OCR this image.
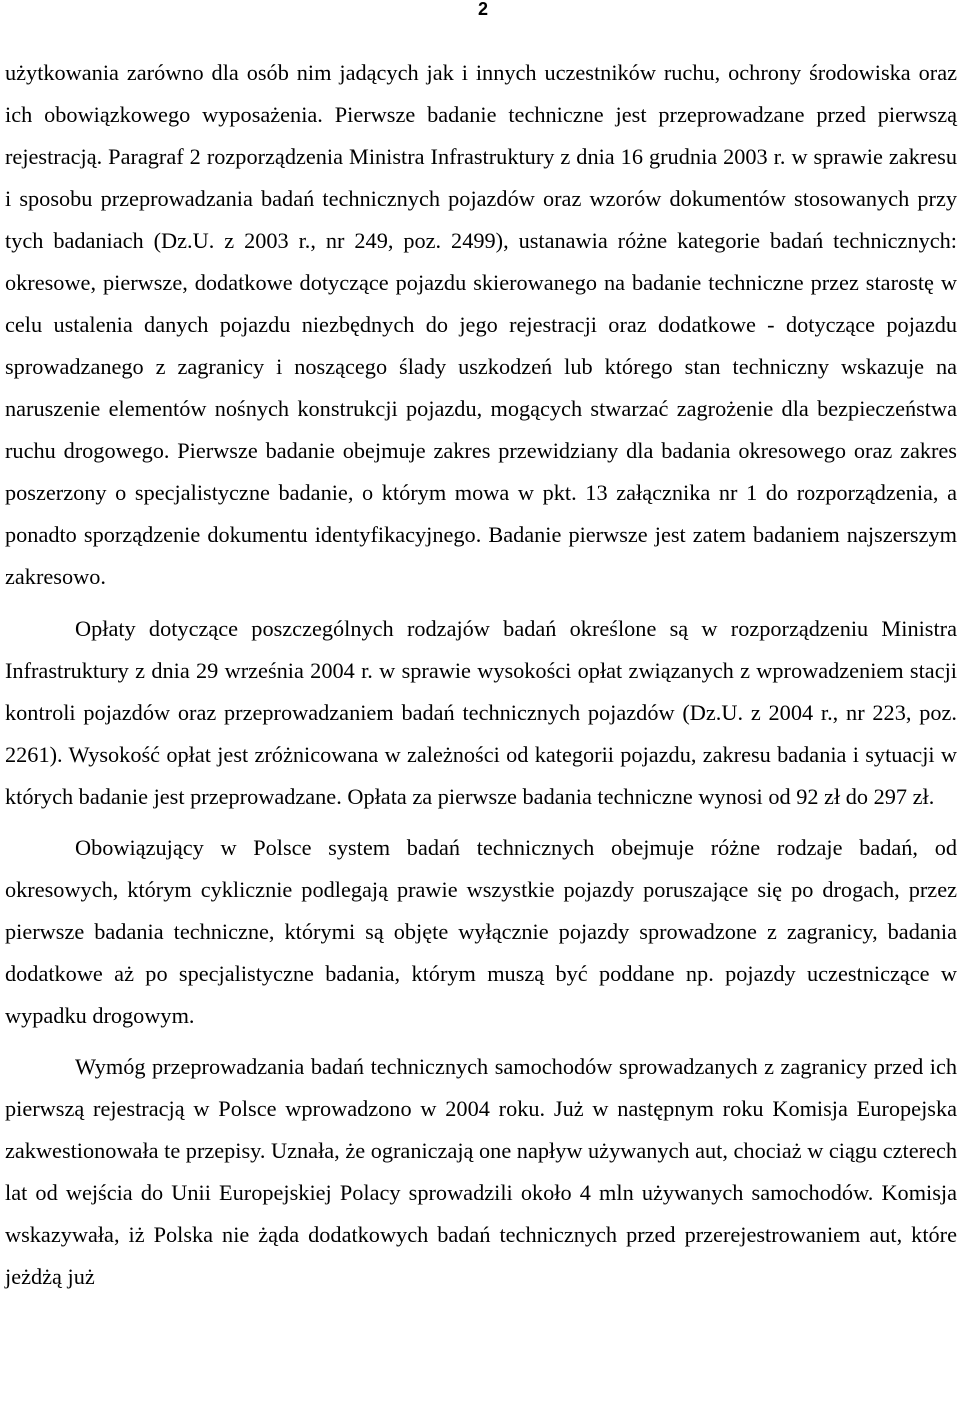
2

użytkowania zarówno dla osób nim jadących jak i innych uczestników ruchu, ochrony środowiska oraz ich obowiązkowego wyposażenia. Pierwsze badanie techniczne jest przeprowadzane przed pierwszą rejestracją. Paragraf 2 rozporządzenia Ministra Infrastruktury z dnia 16 grudnia 2003 r. w sprawie zakresu i sposobu przeprowadzania badań technicznych pojazdów oraz wzorów dokumentów stosowanych przy tych badaniach (Dz.U. z 2003 r., nr 249, poz. 2499), ustanawia różne kategorie badań technicznych: okresowe, pierwsze, dodatkowe dotyczące pojazdu skierowanego na badanie techniczne przez starostę w celu ustalenia danych pojazdu niezbędnych do jego rejestracji oraz dodatkowe - dotyczące pojazdu sprowadzanego z zagranicy i noszącego ślady uszkodzeń lub którego stan techniczny wskazuje na naruszenie elementów nośnych konstrukcji pojazdu, mogących stwarzać zagrożenie dla bezpieczeństwa ruchu drogowego. Pierwsze badanie obejmuje zakres przewidziany dla badania okresowego oraz zakres poszerzony o specjalistyczne badanie, o którym mowa w pkt. 13 załącznika nr 1 do rozporządzenia, a ponadto sporządzenie dokumentu identyfikacyjnego. Badanie pierwsze jest zatem badaniem najszerszym zakresowo.

Opłaty dotyczące poszczególnych rodzajów badań określone są w rozporządzeniu Ministra Infrastruktury z dnia 29 września 2004 r. w sprawie wysokości opłat związanych z wprowadzeniem stacji kontroli pojazdów oraz przeprowadzaniem badań technicznych pojazdów (Dz.U. z 2004 r., nr 223, poz. 2261). Wysokość opłat jest zróżnicowana w zależności od kategorii pojazdu, zakresu badania i sytuacji w których badanie jest przeprowadzane. Opłata za pierwsze badania techniczne wynosi od 92 zł do 297 zł.

Obowiązujący w Polsce system badań technicznych obejmuje różne rodzaje badań, od okresowych, którym cyklicznie podlegają prawie wszystkie pojazdy poruszające się po drogach, przez pierwsze badania techniczne, którymi są objęte wyłącznie pojazdy sprowadzone z zagranicy, badania dodatkowe aż po specjalistyczne badania, którym muszą być poddane np. pojazdy uczestniczące w wypadku drogowym.

Wymóg przeprowadzania badań technicznych samochodów sprowadzanych z zagranicy przed ich pierwszą rejestracją w Polsce wprowadzono w 2004 roku. Już w następnym roku Komisja Europejska zakwestionowała te przepisy. Uznała, że ograniczają one napływ używanych aut, chociaż w ciągu czterech lat od wejścia do Unii Europejskiej Polacy sprowadzili około 4 mln używanych samochodów. Komisja wskazywała, iż Polska nie żąda dodatkowych badań technicznych przed przerejestrowaniem aut, które jeżdżą już
